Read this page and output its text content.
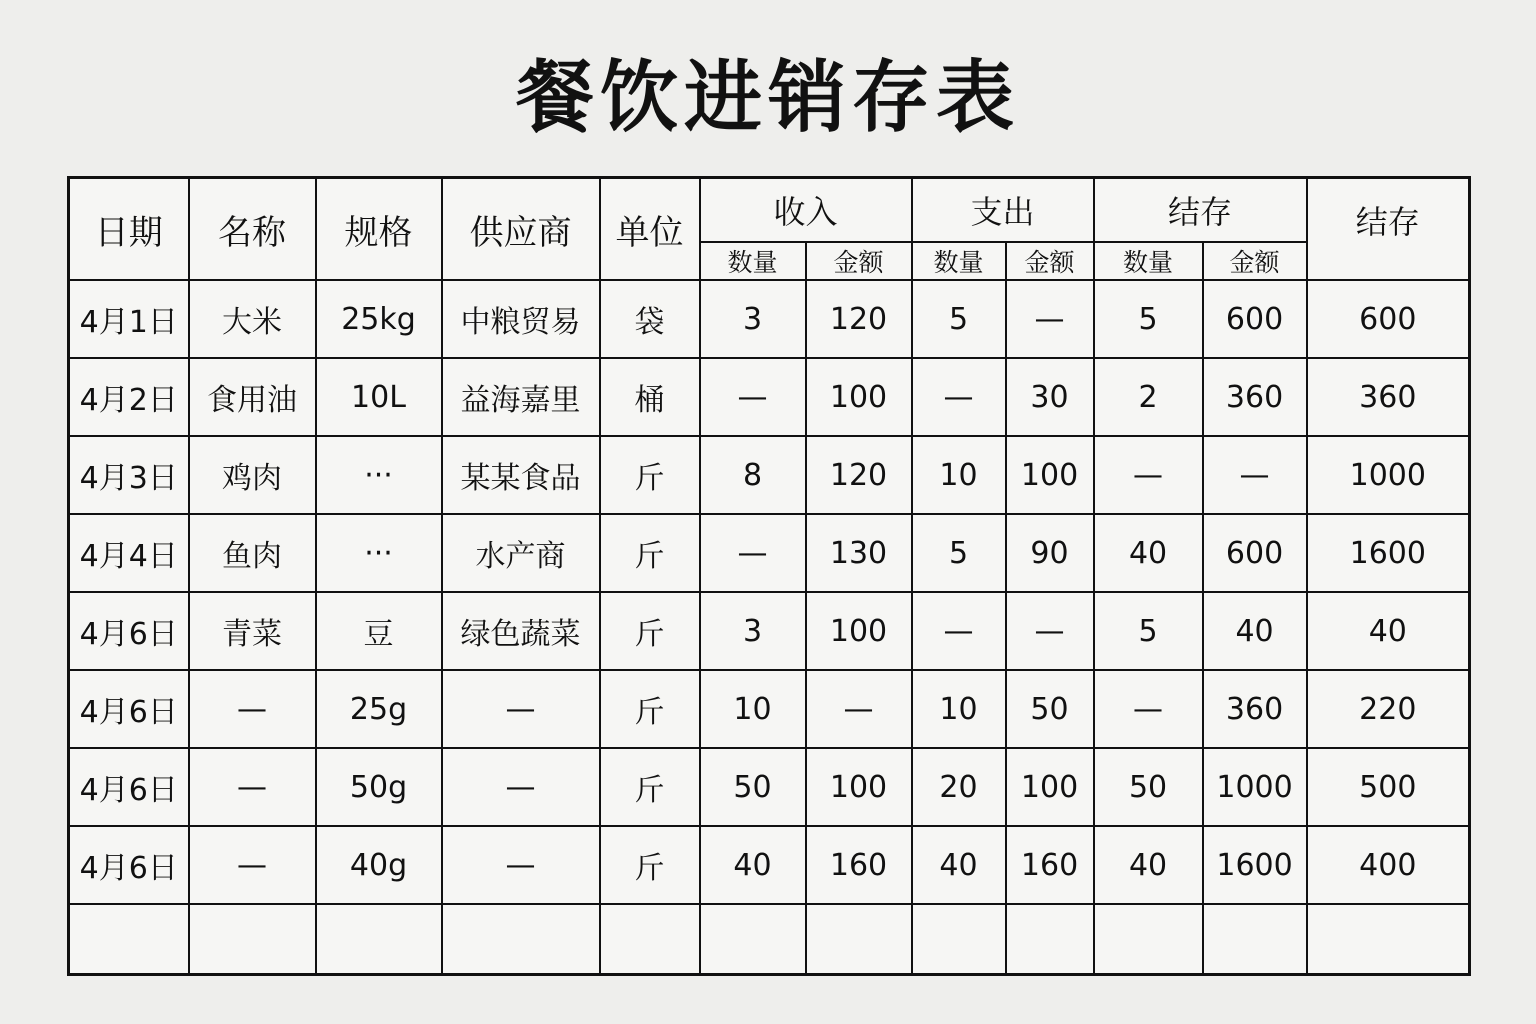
餐饮进销存表
日期	名称	规格	供应商	单位	收入		支出		结存		结存
					数量	金额	数量	金额	数量	金额	
4月1日	大米	25kg	中粮贸易	袋	3	120	5	—	5	600	600
4月2日	食用油	10L	益海嘉里	桶	—	100	—	30	2	360	360
4月3日	鸡肉	···	某某食品	斤	8	120	10	100	—	—	1000
4月4日	鱼肉	···	水产商	斤	—	130	5	90	40	600	1600
4月6日	青菜	豆	绿色蔬菜	斤	3	100	—	—	5	40	40
4月6日	—	25g	—	斤	10	—	10	50	—	360	220
4月6日	—	50g	—	斤	50	100	20	100	50	1000	500
4月6日	—	40g	—	斤	40	160	40	160	40	1600	400
